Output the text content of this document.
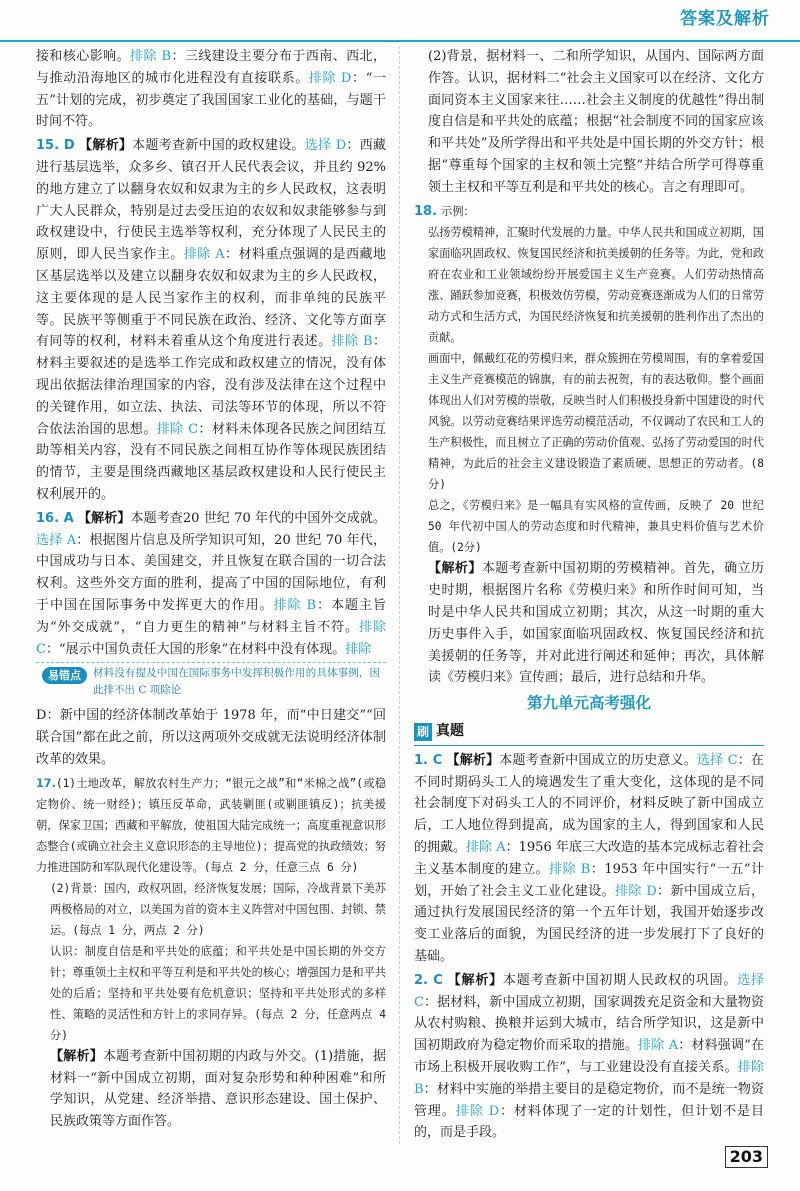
答案及解析

接和核心影响。排除 B：三线建设主要分布于西南、西北，与推动沿海地区的城市化进程没有直接联系。排除 D：“一五”计划的完成，初步奠定了我国国家工业化的基础，与题干时间不符。

15. D 【解析】本题考查新中国的政权建设。选择 D：西藏进行基层选举，众多乡、镇召开人民代表会议，并且约 92%的地方建立了以翻身农奴和奴隶为主的乡人民政权，这表明广大人民群众，特别是过去受压迫的农奴和奴隶能够参与到政权建设中，行使民主选举等权利，充分体现了人民民主的原则，即人民当家作主。排除 A：材料重点强调的是西藏地区基层选举以及建立以翻身农奴和奴隶为主的乡人民政权，这主要体现的是人民当家作主的权利，而非单纯的民族平等。民族平等侧重于不同民族在政治、经济、文化等方面享有同等的权利，材料未着重从这个角度进行表述。排除 B：材料主要叙述的是选举工作完成和政权建立的情况，没有体现出依据法律治理国家的内容，没有涉及法律在这个过程中的关键作用，如立法、执法、司法等环节的体现，所以不符合依法治国的思想。排除 C：材料未体现各民族之间团结互助等相关内容，没有不同民族之间相互协作等体现民族团结的情节，主要是围绕西藏地区基层政权建设和人民行使民主权利展开的。

16. A 【解析】本题考查20 世纪 70 年代的中国外交成就。选择 A：根据图片信息及所学知识可知，20 世纪 70 年代，中国成功与日本、美国建交，并且恢复在联合国的一切合法权利。这些外交方面的胜利，提高了中国的国际地位，有利于中国在国际事务中发挥更大的作用。排除 B：本题主旨为“外交成就”，“自力更生的精神”与材料主旨不符。排除 C：“展示中国负责任大国的形象”在材料中没有体现。排除

易错点	材料没有提及中国在国际事务中发挥积极作用的具体事例，因此排不出 C 项除论

D：新中国的经济体制改革始于 1978 年，而“中日建交”“回联合国”都在此之前，所以这两项外交成就无法说明经济体制改革的效果。

17.(1)土地改革，解放农村生产力；“银元之战”和“米棉之战”(或稳定物价、统一财经)；镇压反革命，武装剿匪(或剿匪镇反)；抗美援朝，保家卫国；西藏和平解放，使祖国大陆完成统一；高度重视意识形态整合(或确立社会主义意识形态的主导地位)；提高党的执政绩效；努力推进国防和军队现代化建设等。(每点 2 分，任意三点 6 分)

(2)背景：国内，政权巩固，经济恢复发展；国际，冷战背景下美苏两极格局的对立，以美国为首的资本主义阵营对中国包围、封锁、禁运。(每点 1 分，两点 2 分)

认识：制度自信是和平共处的底蕴；和平共处是中国长期的外交方针；尊重领土主权和平等互利是和平共处的核心；增强国力是和平共处的后盾；坚持和平共处要有危机意识；坚持和平共处形式的多样性、策略的灵活性和方针上的求同存异。(每点 2 分，任意两点 4 分)

【解析】本题考查新中国初期的内政与外交。(1)措施，据材料一“新中国成立初期，面对复杂形势和种种困难”和所学知识，从党建、经济举措、意识形态建设、国土保护、民族政策等方面作答。

(2)背景，据材料一、二和所学知识，从国内、国际两方面作答。认识，据材料二“社会主义国家可以在经济、文化方面同资本主义国家来往……社会主义制度的优越性”得出制度自信是和平共处的底蕴；根据“社会制度不同的国家应该和平共处”及所学得出和平共处是中国长期的外交方针；根据“尊重每个国家的主权和领土完整”并结合所学可得尊重领土主权和平等互利是和平共处的核心。言之有理即可。

18. 示例：

弘扬劳模精神，汇聚时代发展的力量。中华人民共和国成立初期，国家面临巩固政权、恢复国民经济和抗美援朝的任务等。为此，党和政府在农业和工业领域纷纷开展爱国主义生产竞赛。人们劳动热情高涨、踊跃参加竞赛，积极效仿劳模，劳动竞赛逐渐成为人们的日常劳动方式和生活方式，为国民经济恢复和抗美援朝的胜利作出了杰出的贡献。

画面中，佩戴红花的劳模归来，群众簇拥在劳模周围，有的拿着爱国主义生产竞赛模范的锦旗，有的前去祝贺，有的表达敬仰。整个画面体现出人们对劳模的崇敬，反映当时人们积极投身新中国建设的时代风貌。以劳动竞赛结果评选劳动模范活动，不仅调动了农民和工人的生产积极性，而且树立了正确的劳动价值观、弘扬了劳动爱国的时代精神，为此后的社会主义建设锻造了素质硬、思想正的劳动者。(8分)

总之，《劳模归来》是一幅具有实风格的宣传画，反映了 20 世纪 50 年代初中国人的劳动态度和时代精神，兼具史料价值与艺术价值。(2分)

【解析】本题考查新中国初期的劳模精神。首先，确立历史时期，根据图片名称《劳模归来》和所作时间可知，当时是中华人民共和国成立初期；其次，从这一时期的重大历史事件入手，如国家面临巩固政权、恢复国民经济和抗美援朝的任务等，并对此进行阐述和延伸；再次，具体解读《劳模归来》宣传画；最后，进行总结和升华。

第九单元高考强化
刷 真题

1. C 【解析】本题考查新中国成立的历史意义。选择 C：在不同时期码头工人的境遇发生了重大变化，这体现的是不同社会制度下对码头工人的不同评价，材料反映了新中国成立后，工人地位得到提高，成为国家的主人，得到国家和人民的拥戴。排除 A：1956 年底三大改造的基本完成标志着社会主义基本制度的建立。排除 B：1953 年中国实行“一五”计划，开始了社会主义工业化建设。排除 D：新中国成立后，通过执行发展国民经济的第一个五年计划，我国开始逐步改变工业落后的面貌，为国民经济的进一步发展打下了良好的基础。

2. C 【解析】本题考查新中国初期人民政权的巩固。选择 C：据材料，新中国成立初期，国家调拨充足资金和大量物资从农村购粮、换粮并运到大城市，结合所学知识，这是新中国初期政府为稳定物价而采取的措施。排除 A：材料强调“在市场上积极开展收购工作”，与工业建设没有直接关系。排除 B：材料中实施的举措主要目的是稳定物价，而不是统一物资管理。排除 D：材料体现了一定的计划性，但计划不是目的，而是手段。

203
